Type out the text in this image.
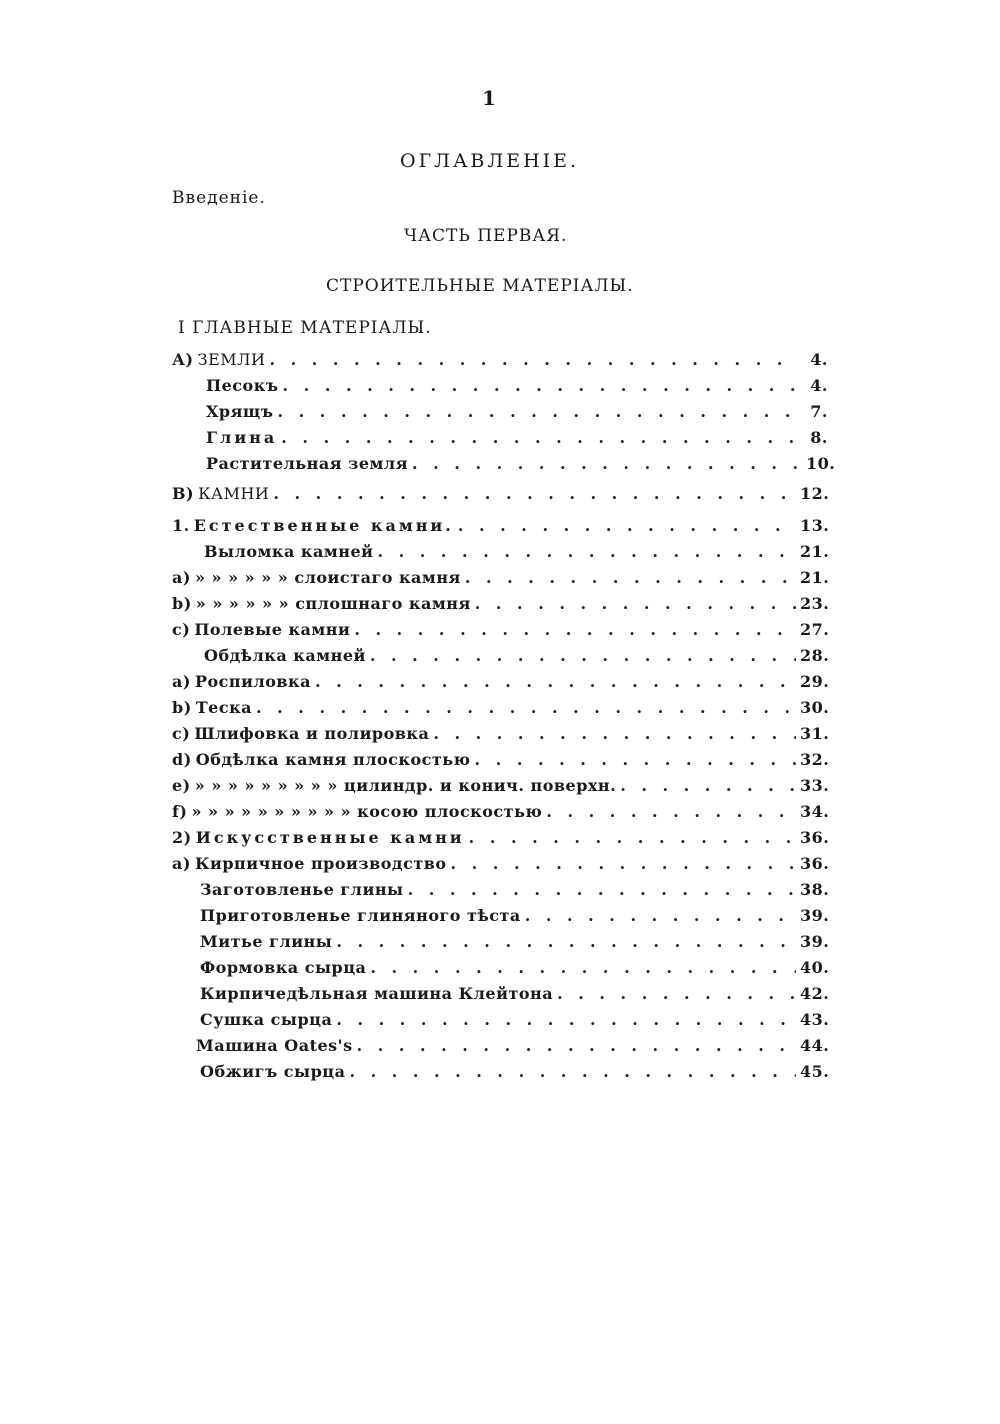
1
ОГЛАВЛЕНІЕ.
Введеніе.
ЧАСТЬ ПЕРВАЯ.
СТРОИТЕЛЬНЫЕ МАТЕРІАЛЫ.
I ГЛАВНЫЕ МАТЕРІАЛЫ.
А) ЗЕМЛИ . . .	4.
Песокъ . . .	4.
Хрящъ . . .	7.
Глина . . .	8.
Растительная земля . . .	10.
В) КАМНИ . . .	12.
1. Естественные камни. . . .	13.
Выломка камней . . .	21.
a) » » » » » » слоистаго камня . . .	21.
b) » » » » » » сплошнаго камня . . .	23.
c) Полевые камни . . .	27.
Обдѣлка камней . . .	28.
a) Роспиловка . . .	29.
b) Теска . . .	30.
c) Шлифовка и полировка . . .	31.
d) Обдѣлка камня плоскостью . . .	32.
e) » » » » » » » » » цилиндр. и конич. поверхн. . . .	33.
f) » » » » » » » » » » косою плоскостью . . .	34.
2) Искусственные камни . . .	36.
a) Кирпичное производство . . .	36.
Заготовленье глины . . .	38.
Приготовленье глиняного тѣста . . .	39.
Митье глины . . .	39.
Формовка сырца . . .	40.
Кирпичедѣльная машина Клейтона . . .	42.
Сушка сырца . . .	43.
Машина Oates's . . .	44.
Обжигъ сырца . . .	45.
